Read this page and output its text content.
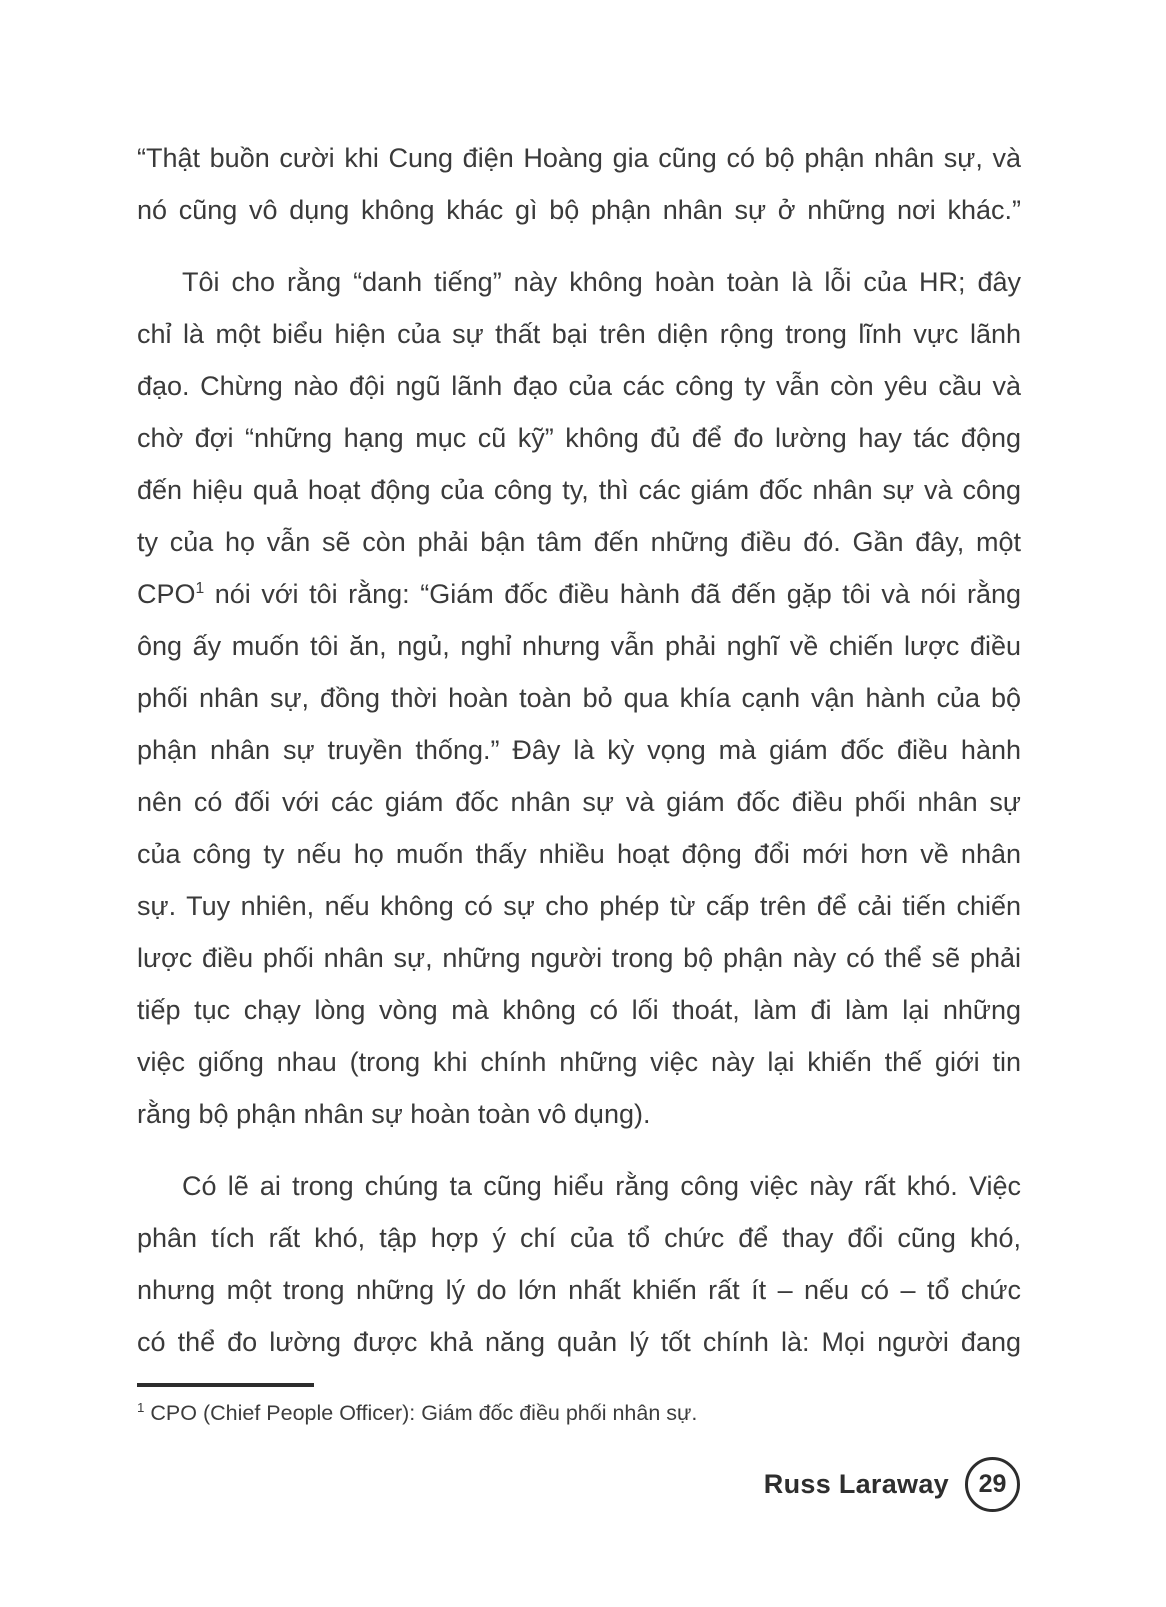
“Thật buồn cười khi Cung điện Hoàng gia cũng có bộ phận nhân sự, và
nó cũng vô dụng không khác gì bộ phận nhân sự ở những nơi khác.”
Tôi cho rằng “danh tiếng” này không hoàn toàn là lỗi của HR; đây
chỉ là một biểu hiện của sự thất bại trên diện rộng trong lĩnh vực lãnh
đạo. Chừng nào đội ngũ lãnh đạo của các công ty vẫn còn yêu cầu và
chờ đợi “những hạng mục cũ kỹ” không đủ để đo lường hay tác động
đến hiệu quả hoạt động của công ty, thì các giám đốc nhân sự và công
ty của họ vẫn sẽ còn phải bận tâm đến những điều đó. Gần đây, một
CPO$^1$ nói với tôi rằng: “Giám đốc điều hành đã đến gặp tôi và nói rằng
ông ấy muốn tôi ăn, ngủ, nghỉ nhưng vẫn phải nghĩ về chiến lược điều
phối nhân sự, đồng thời hoàn toàn bỏ qua khía cạnh vận hành của bộ
phận nhân sự truyền thống.” Đây là kỳ vọng mà giám đốc điều hành
nên có đối với các giám đốc nhân sự và giám đốc điều phối nhân sự
của công ty nếu họ muốn thấy nhiều hoạt động đổi mới hơn về nhân
sự. Tuy nhiên, nếu không có sự cho phép từ cấp trên để cải tiến chiến
lược điều phối nhân sự, những người trong bộ phận này có thể sẽ phải
tiếp tục chạy lòng vòng mà không có lối thoát, làm đi làm lại những
việc giống nhau (trong khi chính những việc này lại khiến thế giới tin
rằng bộ phận nhân sự hoàn toàn vô dụng).
Có lẽ ai trong chúng ta cũng hiểu rằng công việc này rất khó. Việc
phân tích rất khó, tập hợp ý chí của tổ chức để thay đổi cũng khó,
nhưng một trong những lý do lớn nhất khiến rất ít – nếu có – tổ chức
có thể đo lường được khả năng quản lý tốt chính là: Mọi người đang
$^1$ CPO (Chief People Officer): Giám đốc điều phối nhân sự.
Russ Laraway 29
